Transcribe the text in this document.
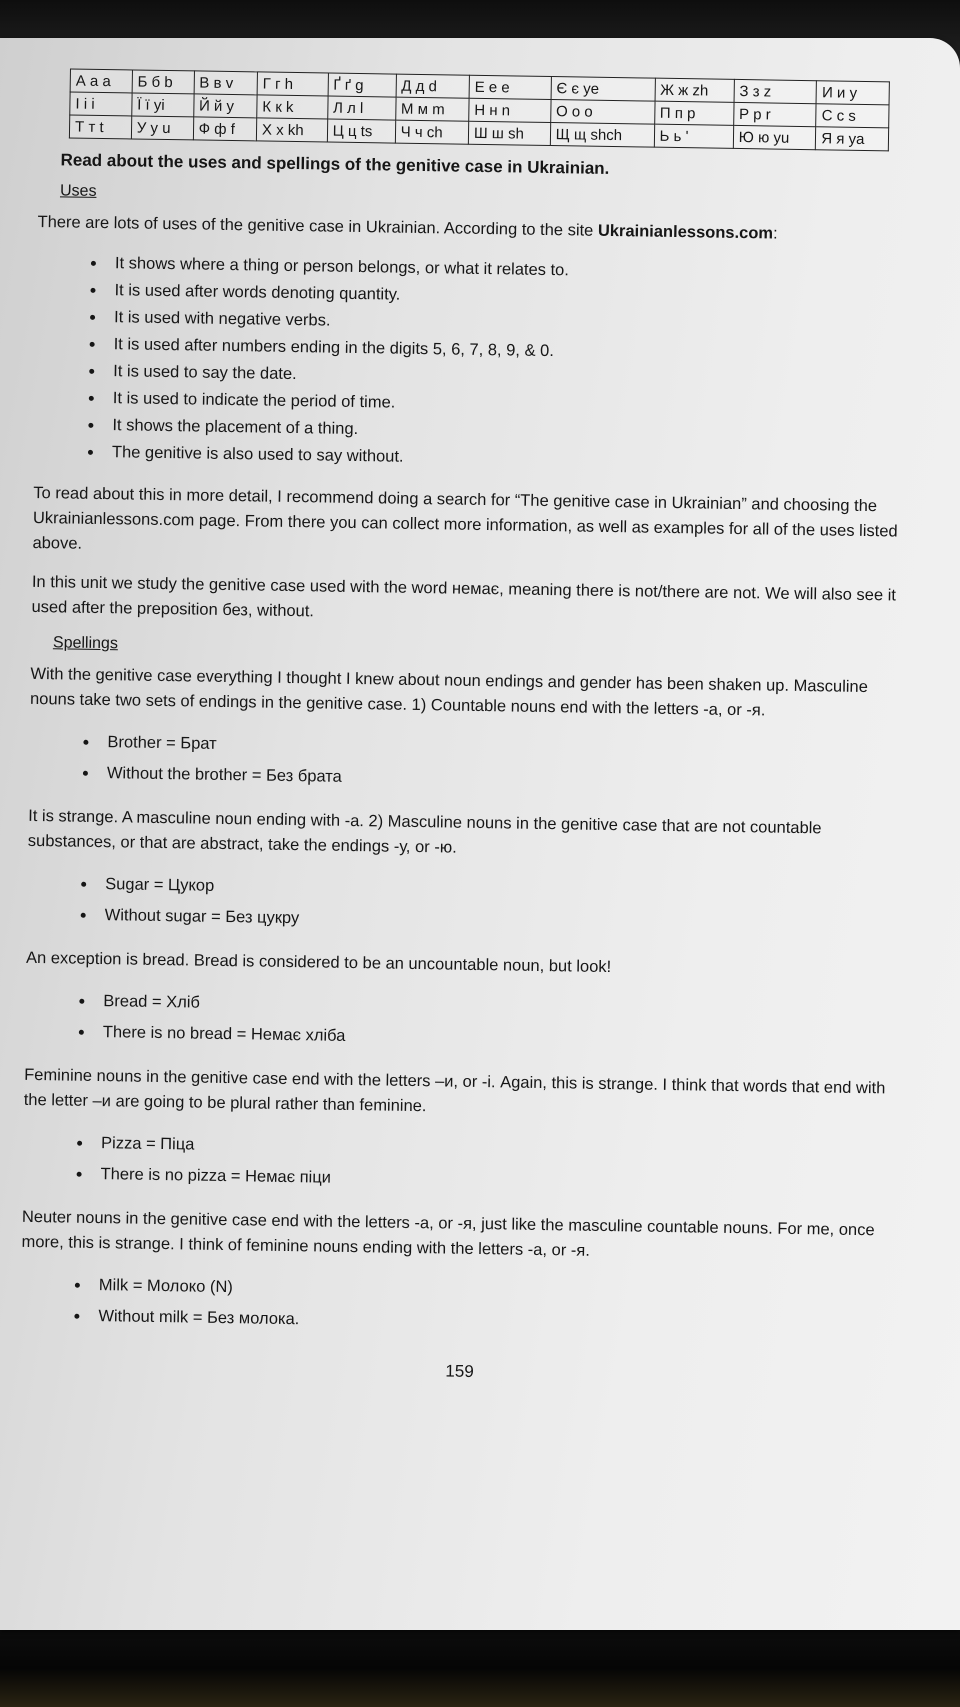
А а a	Б б b	В в v	Г г h	Ґ ґ g	Д д d	Е е e	Є є ye	Ж ж zh	З з z	И и y
І і i	Ї ї yi	Й й y	К к k	Л л l	М м m	Н н n	О о o	П п p	Р р r	С с s
Т т t	У у u	Ф ф f	Х х kh	Ц ц ts	Ч ч ch	Ш ш sh	Щ щ shch	Ь ь ʹ	Ю ю yu	Я я ya
Read about the uses and spellings of the genitive case in Ukrainian.
Uses

There are lots of uses of the genitive case in Ukrainian. According to the site Ukrainianlessons.com:

• It shows where a thing or person belongs, or what it relates to.
• It is used after words denoting quantity.
• It is used with negative verbs.
• It is used after numbers ending in the digits 5, 6, 7, 8, 9, & 0.
• It is used to say the date.
• It is used to indicate the period of time.
• It shows the placement of a thing.
• The genitive is also used to say without.

To read about this in more detail, I recommend doing a search for “The genitive case in Ukrainian” and choosing the Ukrainianlessons.com page. From there you can collect more information, as well as examples for all of the uses listed above.

In this unit we study the genitive case used with the word немає, meaning there is not/there are not. We will also see it used after the preposition без, without.

Spellings

With the genitive case everything I thought I knew about noun endings and gender has been shaken up. Masculine nouns take two sets of endings in the genitive case. 1) Countable nouns end with the letters -а, or -я.

• Brother = Брат
• Without the brother = Без брата

It is strange. A masculine noun ending with -а. 2) Masculine nouns in the genitive case that are not countable substances, or that are abstract, take the endings -у, or -ю.

• Sugar = Цукор
• Without sugar = Без цукру

An exception is bread. Bread is considered to be an uncountable noun, but look!

• Bread = Хліб
• There is no bread = Немає хліба

Feminine nouns in the genitive case end with the letters –и, or -і. Again, this is strange. I think that words that end with the letter –и are going to be plural rather than feminine.

• Pizza = Піца
• There is no pizza = Немає піци

Neuter nouns in the genitive case end with the letters -а, or -я, just like the masculine countable nouns. For me, once more, this is strange. I think of feminine nouns ending with the letters -а, or -я.

• Milk = Молоко (N)
• Without milk = Без молока.
159
